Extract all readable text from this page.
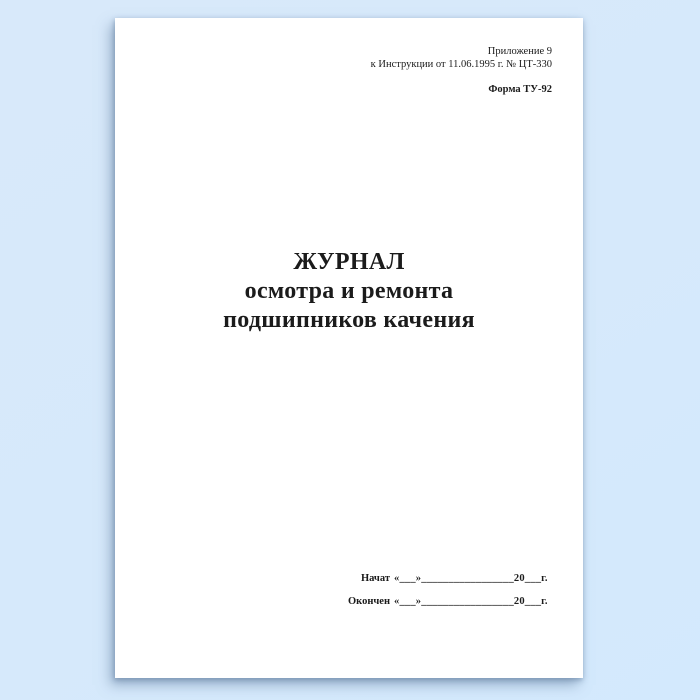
Приложение 9
к Инструкции от 11.06.1995 г. № ЦТ-330
Форма ТУ-92
ЖУРНАЛ
осмотра и ремонта
подшипников качения
Начат «___»_________________20___г.
Окончен «___»_________________20___г.
